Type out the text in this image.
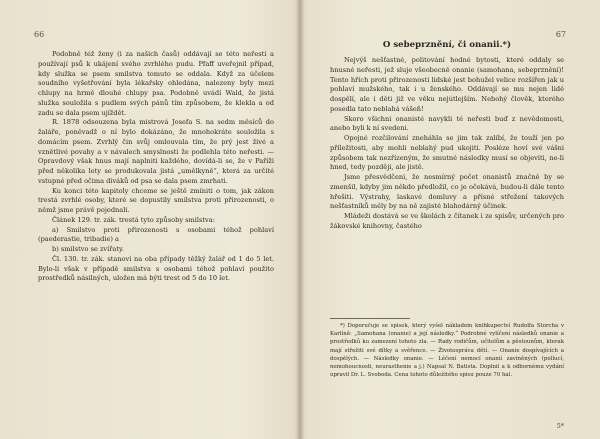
66

Podobně též ženy (i za našich časů) oddávají se této neřesti a používají psů k ukájení svého zvrhlého pudu. Pfaff uveřejnil případ, kdy služka se psem smilstva tomuto se oddala. Když za účelem soudního vyšetřování byla lékařsky ohledána, nalezeny byly mezi chlupy na hrmě dlouhé chlupy psa. Podobně uvádí Wald, že jistá služka souložila s pudlem svých pánů tím způsobem, že klekla a od zadu se dala psem ujíždět.

R. 1878 odsouzena byla mistrová Josefa S. na sedm měsíců do žaláře, poněvadž o ní bylo dokázáno, že mnohokráte souložila s domácím psem. Zvrhlý čin svůj omlouvala tím, že prý jest živé a vznětlivé povahy a v návalech smyslnosti že podlehla této neřesti. — Opravdový však hnus mají naplniti každého, dovídá-li se, že v Paříži před několika lety se produkovala jistá „umělkyně“, která za určité vstupné před očima diváků od psa se dala psem zmrhati.

Ku konci této kapitoly chceme se ještě zmíniti o tom, jak zákon trestá zvrhlé osoby, které se dopustily smilstva proti přirozenosti, o němž jsme právě pojednali.

Článek 129. tr. zák. trestá tyto způsoby smilstva:

a) Smilstvo proti přirozenosti s osobami téhož pohlaví (paederastie, tribadie) a

b) smilstvo se zvířaty.

Čl. 130. tr. zák. stanoví na oba případy těžký žalář od 1 do 5 let. Bylo-li však v případě smilstva s osobami téhož pohlaví použito prostředků násilných, uložen má býti trest od 5 do 10 let.

67
O sebeprznění, či onanii.*)

Nejvýš nešťastné, politování hodné bytosti, které oddaly se hnusné neřesti, jež sluje všeobecně onanie (samohana, sebeprznění)! Tento hřích proti přirozenosti lidské jest bohužel velice rozšířen jak u pohlaví mužského, tak i u ženského. Oddávají se mu nejen lidé dospělí, ale i děti již ve věku nejútlejším. Nebohý člověk, kterého posedla tato neblahá vášeň!

Skoro všichni onanisté navykli té neřesti buď z nevědomosti, anebo byli k ní svedeni.

Opojné rozčilování zneháhla se jim tak zalíbí, že touží jen po příležitosti, aby mohli neblahý pud ukojiti. Posléze hoví své vášni způsobem tak nezřízeným, že smutné následky musí se objeviti, ne-li hned, tedy později, ale jistě.

Jsme přesvědčeni, že nesmírný počet onanistů značně by se zmenšil, kdyby jim někdo předložil, co je očekává, budou-li dále tento hřešiti. Výstrahy, laskavé domluvy a přísné střežení takových nešťastníků měly by na ně zajisté blahodárný účinek.

Mládeži dostává se ve školách z čítanek i ze spisův, určených pro žákovské knihovny, častého

*) Doporučuje se spisek, který vyšel nákladem knihkupectví Rudolfa Storcha v Karlíně: „Samohana (onanie) a její následky.“ Podrobné vylíčení následků onanie a prostředků ku zamezení tohoto zla. — Rady rodičům, učitelům a pěstounům, kterak mají střežiti své dítky a svěřence. — Životospráva dětí. — Onanie dospívajících a dospělých. — Následky onanie. — Léčení nemocí onanií zaviněných (pollucí, nemohoucnosti, neurasthenie a j.) Napsal N. Batista. Doplnil a k odbornému vydání upravil Dr. L. Svoboda. Cena tohoto důležitého spisu pouze 70 hal.

5*
